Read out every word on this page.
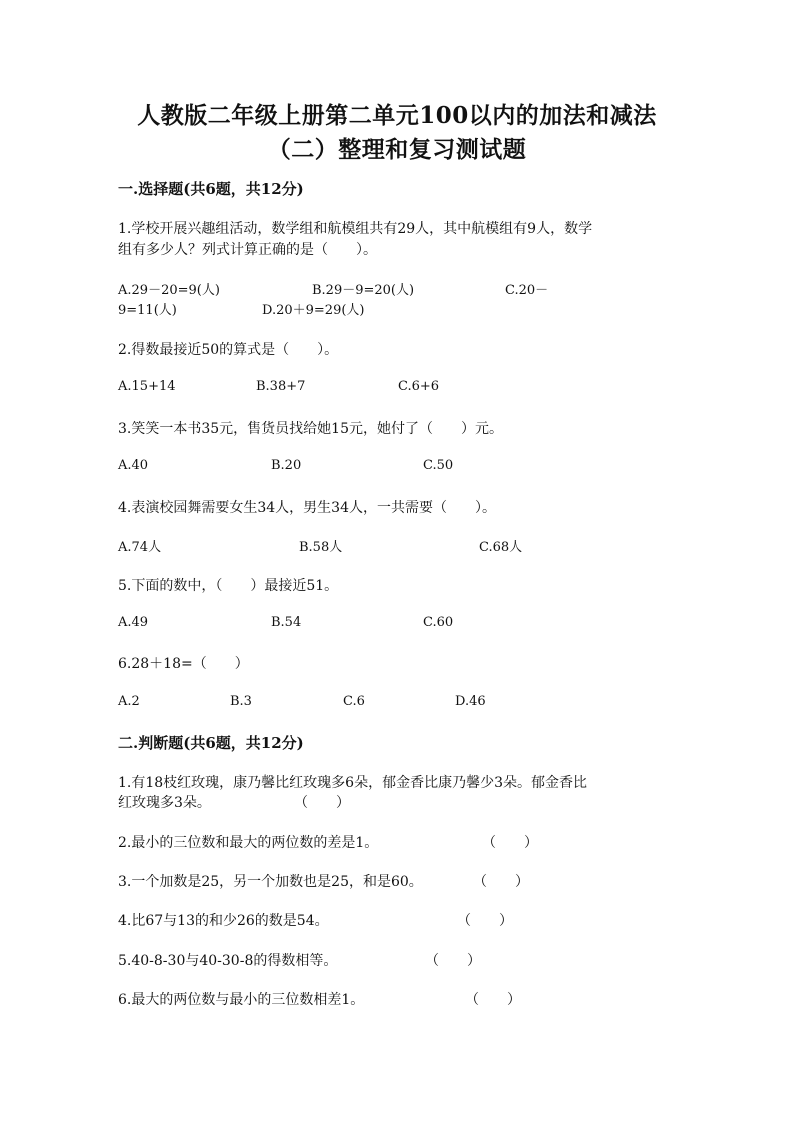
人教版二年级上册第二单元100以内的加法和减法
（二）整理和复习测试题
一.选择题(共6题，共12分)
1.学校开展兴趣组活动，数学组和航模组共有29人，其中航模组有9人，数学
组有多少人？列式计算正确的是（　　）。
A.29－20=9(人)	B.29－9=20(人)	C.20－
9=11(人)	D.20＋9=29(人)
2.得数最接近50的算式是（　　）。
A.15+14	B.38+7	C.6+6
3.笑笑一本书35元，售货员找给她15元，她付了（　　）元。
A.40	B.20	C.50
4.表演校园舞需要女生34人，男生34人，一共需要（　　）。
A.74人	B.58人	C.68人
5.下面的数中，（　　）最接近51。
A.49	B.54	C.60
6.28＋18=（　　）
A.2	B.3	C.6	D.46
二.判断题(共6题，共12分)
1.有18枝红玫瑰，康乃馨比红玫瑰多6朵，郁金香比康乃馨少3朵。郁金香比
红玫瑰多3朵。	（　　）
2.最小的三位数和最大的两位数的差是1。	（　　）
3.一个加数是25，另一个加数也是25，和是60。	（　　）
4.比67与13的和少26的数是54。	（　　）
5.40-8-30与40-30-8的得数相等。	（　　）
6.最大的两位数与最小的三位数相差1。	（　　）
